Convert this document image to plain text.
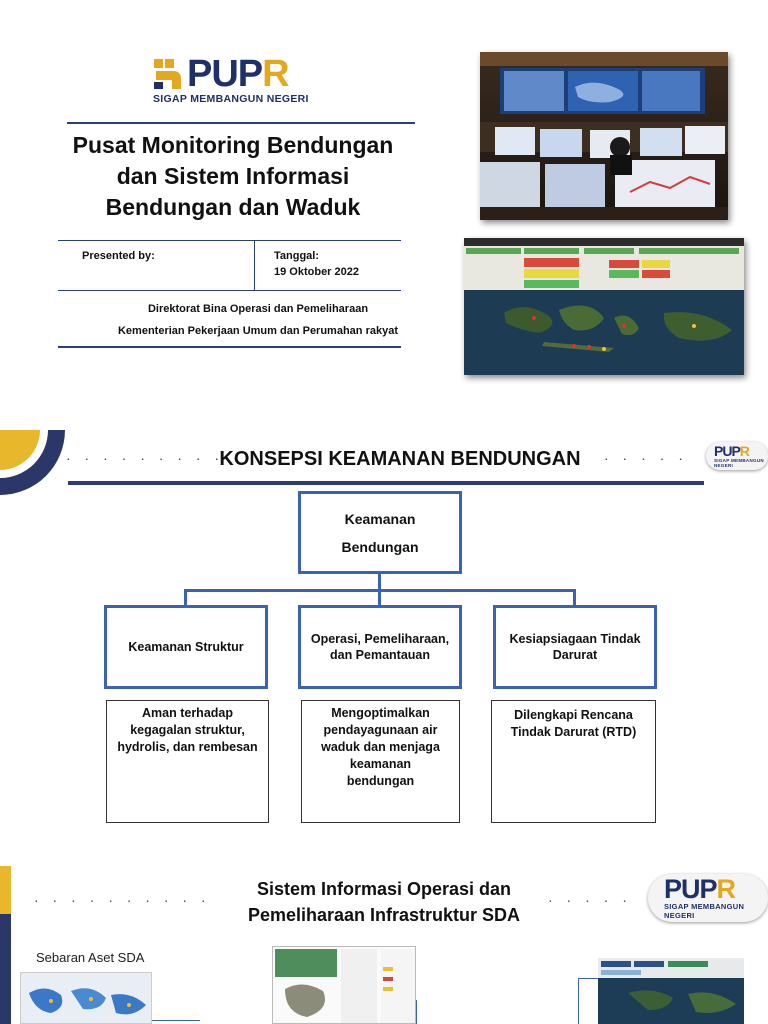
PUPR
SIGAP MEMBANGUN NEGERI
Pusat Monitoring Bendungan
dan Sistem Informasi
Bendungan dan Waduk
Presented by:	Tanggal:
19 Oktober 2022
Direktorat Bina Operasi dan Pemeliharaan
Kementerian Pekerjaan Umum dan Perumahan rakyat
· · · · · · · · · ·
KONSEPSI KEAMANAN BENDUNGAN	· · · · · PUPR
SIGAP MEMBANGUN NEGERI
Keamanan
Bendungan
Keamanan Struktur
Operasi, Pemeliharaan, dan Pemantauan
Kesiapsiagaan Tindak Darurat
Aman terhadap kegagalan struktur, hydrolis, dan rembesan
Mengoptimalkan pendayagunaan air waduk dan menjaga keamanan bendungan
Dilengkapi Rencana Tindak Darurat (RTD)
· · · · · · · · · ·
Sistem Informasi Operasi dan
Pemeliharaan Infrastruktur SDA
· · · · · PUPR
SIGAP MEMBANGUN NEGERI
Sebaran Aset SDA
